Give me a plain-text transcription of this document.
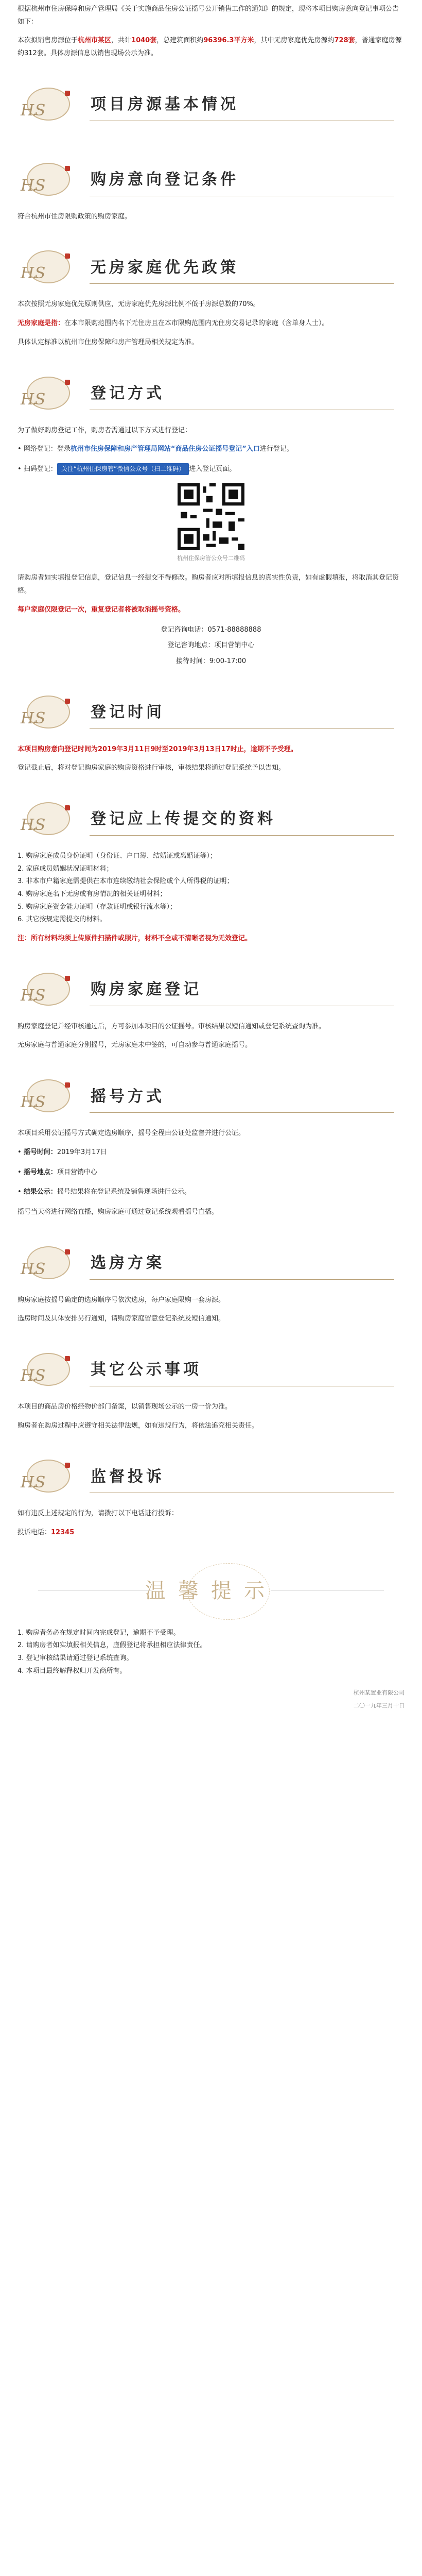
根据杭州市住房保障和房产管理局《关于实施商品住房公证摇号公开销售工作的通知》的规定，现将本项目购房意向登记事项公告如下：

本次拟销售房源位于杭州市某区，共计1040套，总建筑面积约96396.3平方米，其中无房家庭优先房源约728套，普通家庭房源约312套。具体房源信息以销售现场公示为准。

H.S	项目房源基本情况
H.S	购房意向登记条件

符合杭州市住房限购政策的购房家庭。

H.S	无房家庭优先政策

本次按照无房家庭优先原则供应，无房家庭优先房源比例不低于房源总数的70%。

无房家庭是指：在本市限购范围内名下无住房且在本市限购范围内无住房交易记录的家庭（含单身人士）。

具体认定标准以杭州市住房保障和房产管理局相关规定为准。

H.S	登记方式

为了做好购房登记工作，购房者需通过以下方式进行登记：

• 网络登记：登录杭州市住房保障和房产管理局网站“商品住房公证摇号登记”入口进行登记。

• 扫码登记： 关注“杭州住保房管”微信公众号（扫二维码） 进入登记页面。

杭州住保房管公众号二维码

请购房者如实填报登记信息，登记信息一经提交不得修改。购房者应对所填报信息的真实性负责，如有虚假填报，将取消其登记资格。

每户家庭仅限登记一次，重复登记者将被取消摇号资格。

登记咨询电话：0571-88888888

登记咨询地点：项目营销中心

接待时间：9:00-17:00

H.S	登记时间

本项目购房意向登记时间为2019年3月11日9时至2019年3月13日17时止，逾期不予受理。

登记截止后，将对登记购房家庭的购房资格进行审核，审核结果将通过登记系统予以告知。

H.S	登记应上传提交的资料
1. 购房家庭成员身份证明（身份证、户口簿、结婚证或离婚证等）；
2. 家庭成员婚姻状况证明材料；
3. 非本市户籍家庭需提供在本市连续缴纳社会保险或个人所得税的证明；
4. 购房家庭名下无房或有房情况的相关证明材料；
5. 购房家庭资金能力证明（存款证明或银行流水等）；
6. 其它按规定需提交的材料。

注：所有材料均须上传原件扫描件或照片，材料不全或不清晰者视为无效登记。

H.S	购房家庭登记

购房家庭登记并经审核通过后，方可参加本项目的公证摇号。审核结果以短信通知或登记系统查询为准。

无房家庭与普通家庭分别摇号，无房家庭未中签的，可自动参与普通家庭摇号。

H.S	摇号方式

本项目采用公证摇号方式确定选房顺序，摇号全程由公证处监督并进行公证。

• 摇号时间：2019年3月17日

• 摇号地点：项目营销中心

• 结果公示：摇号结果将在登记系统及销售现场进行公示。

摇号当天将进行网络直播，购房家庭可通过登记系统观看摇号直播。

H.S	选房方案

购房家庭按摇号确定的选房顺序号依次选房，每户家庭限购一套房源。

选房时间及具体安排另行通知，请购房家庭留意登记系统及短信通知。

H.S	其它公示事项

本项目的商品房价格经物价部门备案，以销售现场公示的一房一价为准。

购房者在购房过程中应遵守相关法律法规，如有违规行为，将依法追究相关责任。

H.S	监督投诉

如有违反上述规定的行为，请拨打以下电话进行投诉：

投诉电话：12345

温馨提示
1. 购房者务必在规定时间内完成登记，逾期不予受理。
2. 请购房者如实填报相关信息，虚假登记将承担相应法律责任。
3. 登记审核结果请通过登记系统查询。
4. 本项目最终解释权归开发商所有。

杭州某置业有限公司

二〇一九年三月十日
